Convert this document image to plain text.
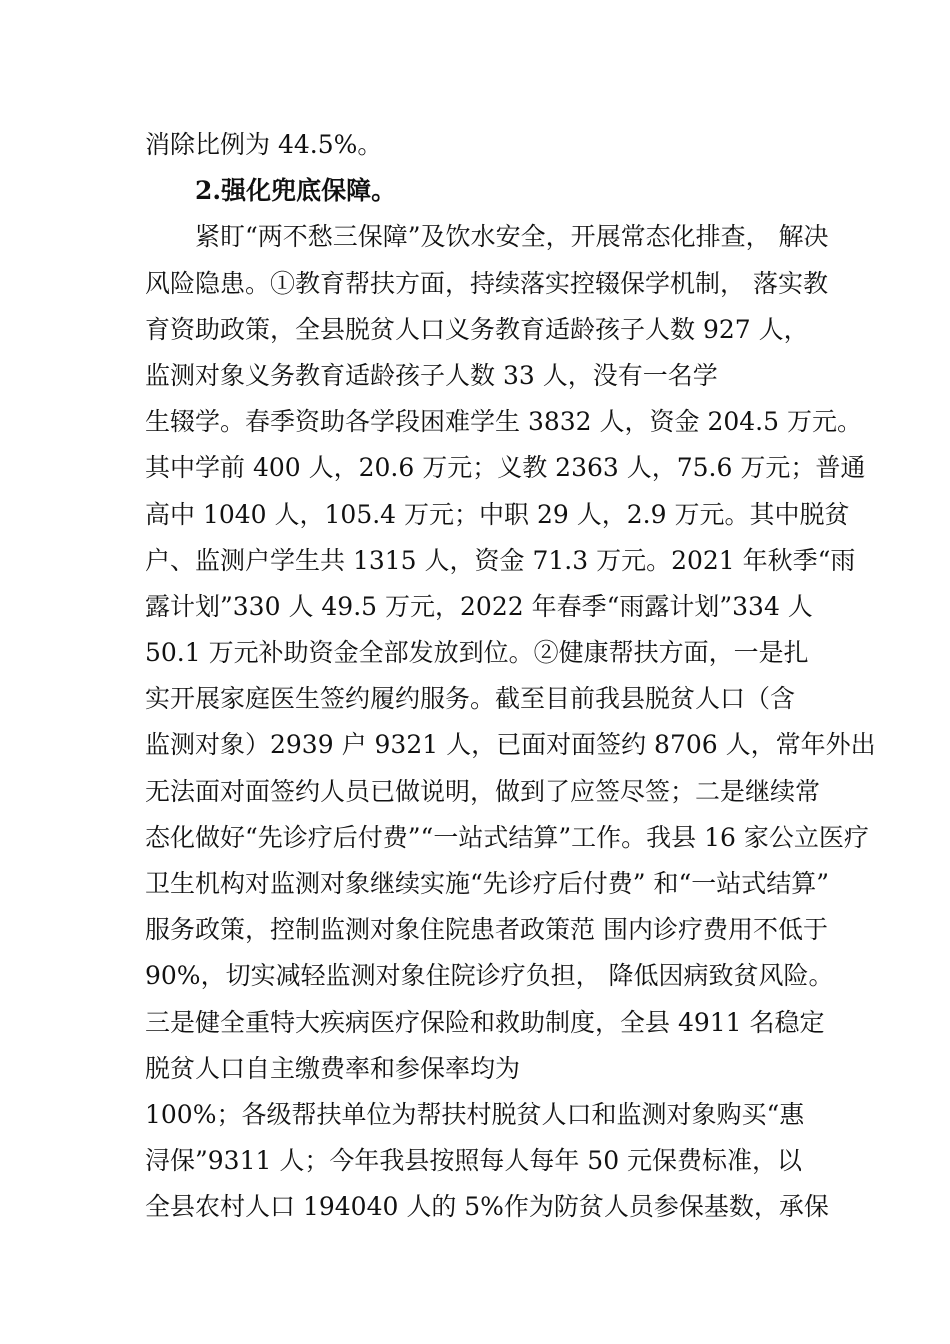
消除比例为 44.5%。
2.强化兜底保障。
紧盯“两不愁三保障”及饮水安全，开展常态化排查， 解决
风险隐患。①教育帮扶方面，持续落实控辍保学机制， 落实教
育资助政策，全县脱贫人口义务教育适龄孩子人数 927 人，
监测对象义务教育适龄孩子人数 33 人，没有一名学
生辍学。春季资助各学段困难学生 3832 人，资金 204.5 万元。
其中学前 400 人，20.6 万元；义教 2363 人，75.6 万元；普通
高中 1040 人，105.4 万元；中职 29 人，2.9 万元。其中脱贫
户、监测户学生共 1315 人，资金 71.3 万元。2021 年秋季“雨
露计划”330 人 49.5 万元，2022 年春季“雨露计划”334 人
50.1 万元补助资金全部发放到位。②健康帮扶方面，一是扎
实开展家庭医生签约履约服务。截至目前我县脱贫人口（含
监测对象）2939 户 9321 人，已面对面签约 8706 人，常年外出
无法面对面签约人员已做说明，做到了应签尽签；二是继续常
态化做好“先诊疗后付费”“一站式结算”工作。我县 16 家公立医疗
卫生机构对监测对象继续实施“先诊疗后付费” 和“一站式结算”
服务政策，控制监测对象住院患者政策范 围内诊疗费用不低于
90%，切实减轻监测对象住院诊疗负担， 降低因病致贫风险。
三是健全重特大疾病医疗保险和救助制度，全县 4911 名稳定
脱贫人口自主缴费率和参保率均为
100%；各级帮扶单位为帮扶村脱贫人口和监测对象购买“惠
浔保”9311 人；今年我县按照每人每年 50 元保费标准，以
全县农村人口 194040 人的 5%作为防贫人员参保基数，承保
